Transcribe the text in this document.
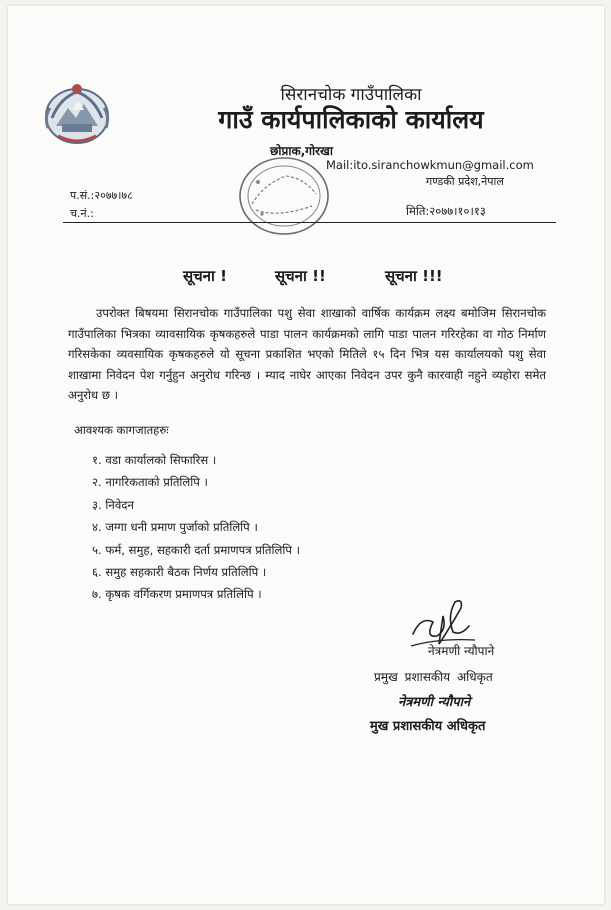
सिरानचोक गाउँपालिका
गाउँ कार्यपालिकाको कार्यालय
छोप्राक,गोरखा
Mail:ito.siranchowkmun@gmail.com
गण्डकी प्रदेश,नेपाल
प.सं.:२०७७।७८
च.नं.:	मिति:२०७७।१०।१३
सूचना !	सूचना !!	सूचना !!!
उपरोक्त बिषयमा सिरानचोक गाउँपालिका पशु सेवा शाखाको वार्षिक कार्यक्रम लक्ष्य बमोजिम सिरानचोक गाउँपालिका भित्रका व्यावसायिक कृषकहरुले पाडा पालन कार्यक्रमको लागि पाडा पालन गरिरहेका वा गोठ निर्माण गरिसकेका व्यवसायिक कृषकहरुले यो सूचना प्रकाशित भएको मितिले १५ दिन भित्र यस कार्यालयको पशु सेवा शाखामा निवेदन पेश गर्नुहुन अनुरोध गरिन्छ । म्याद नाघेर आएका निवेदन उपर कुनै कारवाही नहुने व्यहोरा समेत अनुरोध छ ।
आवश्यक कागजातहरुः
१. वडा कार्यालको सिफारिस ।
२. नागरिकताको प्रतिलिपि ।
३. निवेदन
४. जग्गा धनी प्रमाण पुर्जाको प्रतिलिपि ।
५. फर्म, समुह, सहकारी दर्ता प्रमाणपत्र प्रतिलिपि ।
६. समुह सहकारी बैठक निर्णय प्रतिलिपि ।
७. कृषक वर्गिकरण प्रमाणपत्र प्रतिलिपि ।
नेत्रमणी न्यौपाने
प्रमुख प्रशासकीय अधिकृत
नेत्रमणी न्यौपाने
मुख प्रशासकीय अधिकृत
